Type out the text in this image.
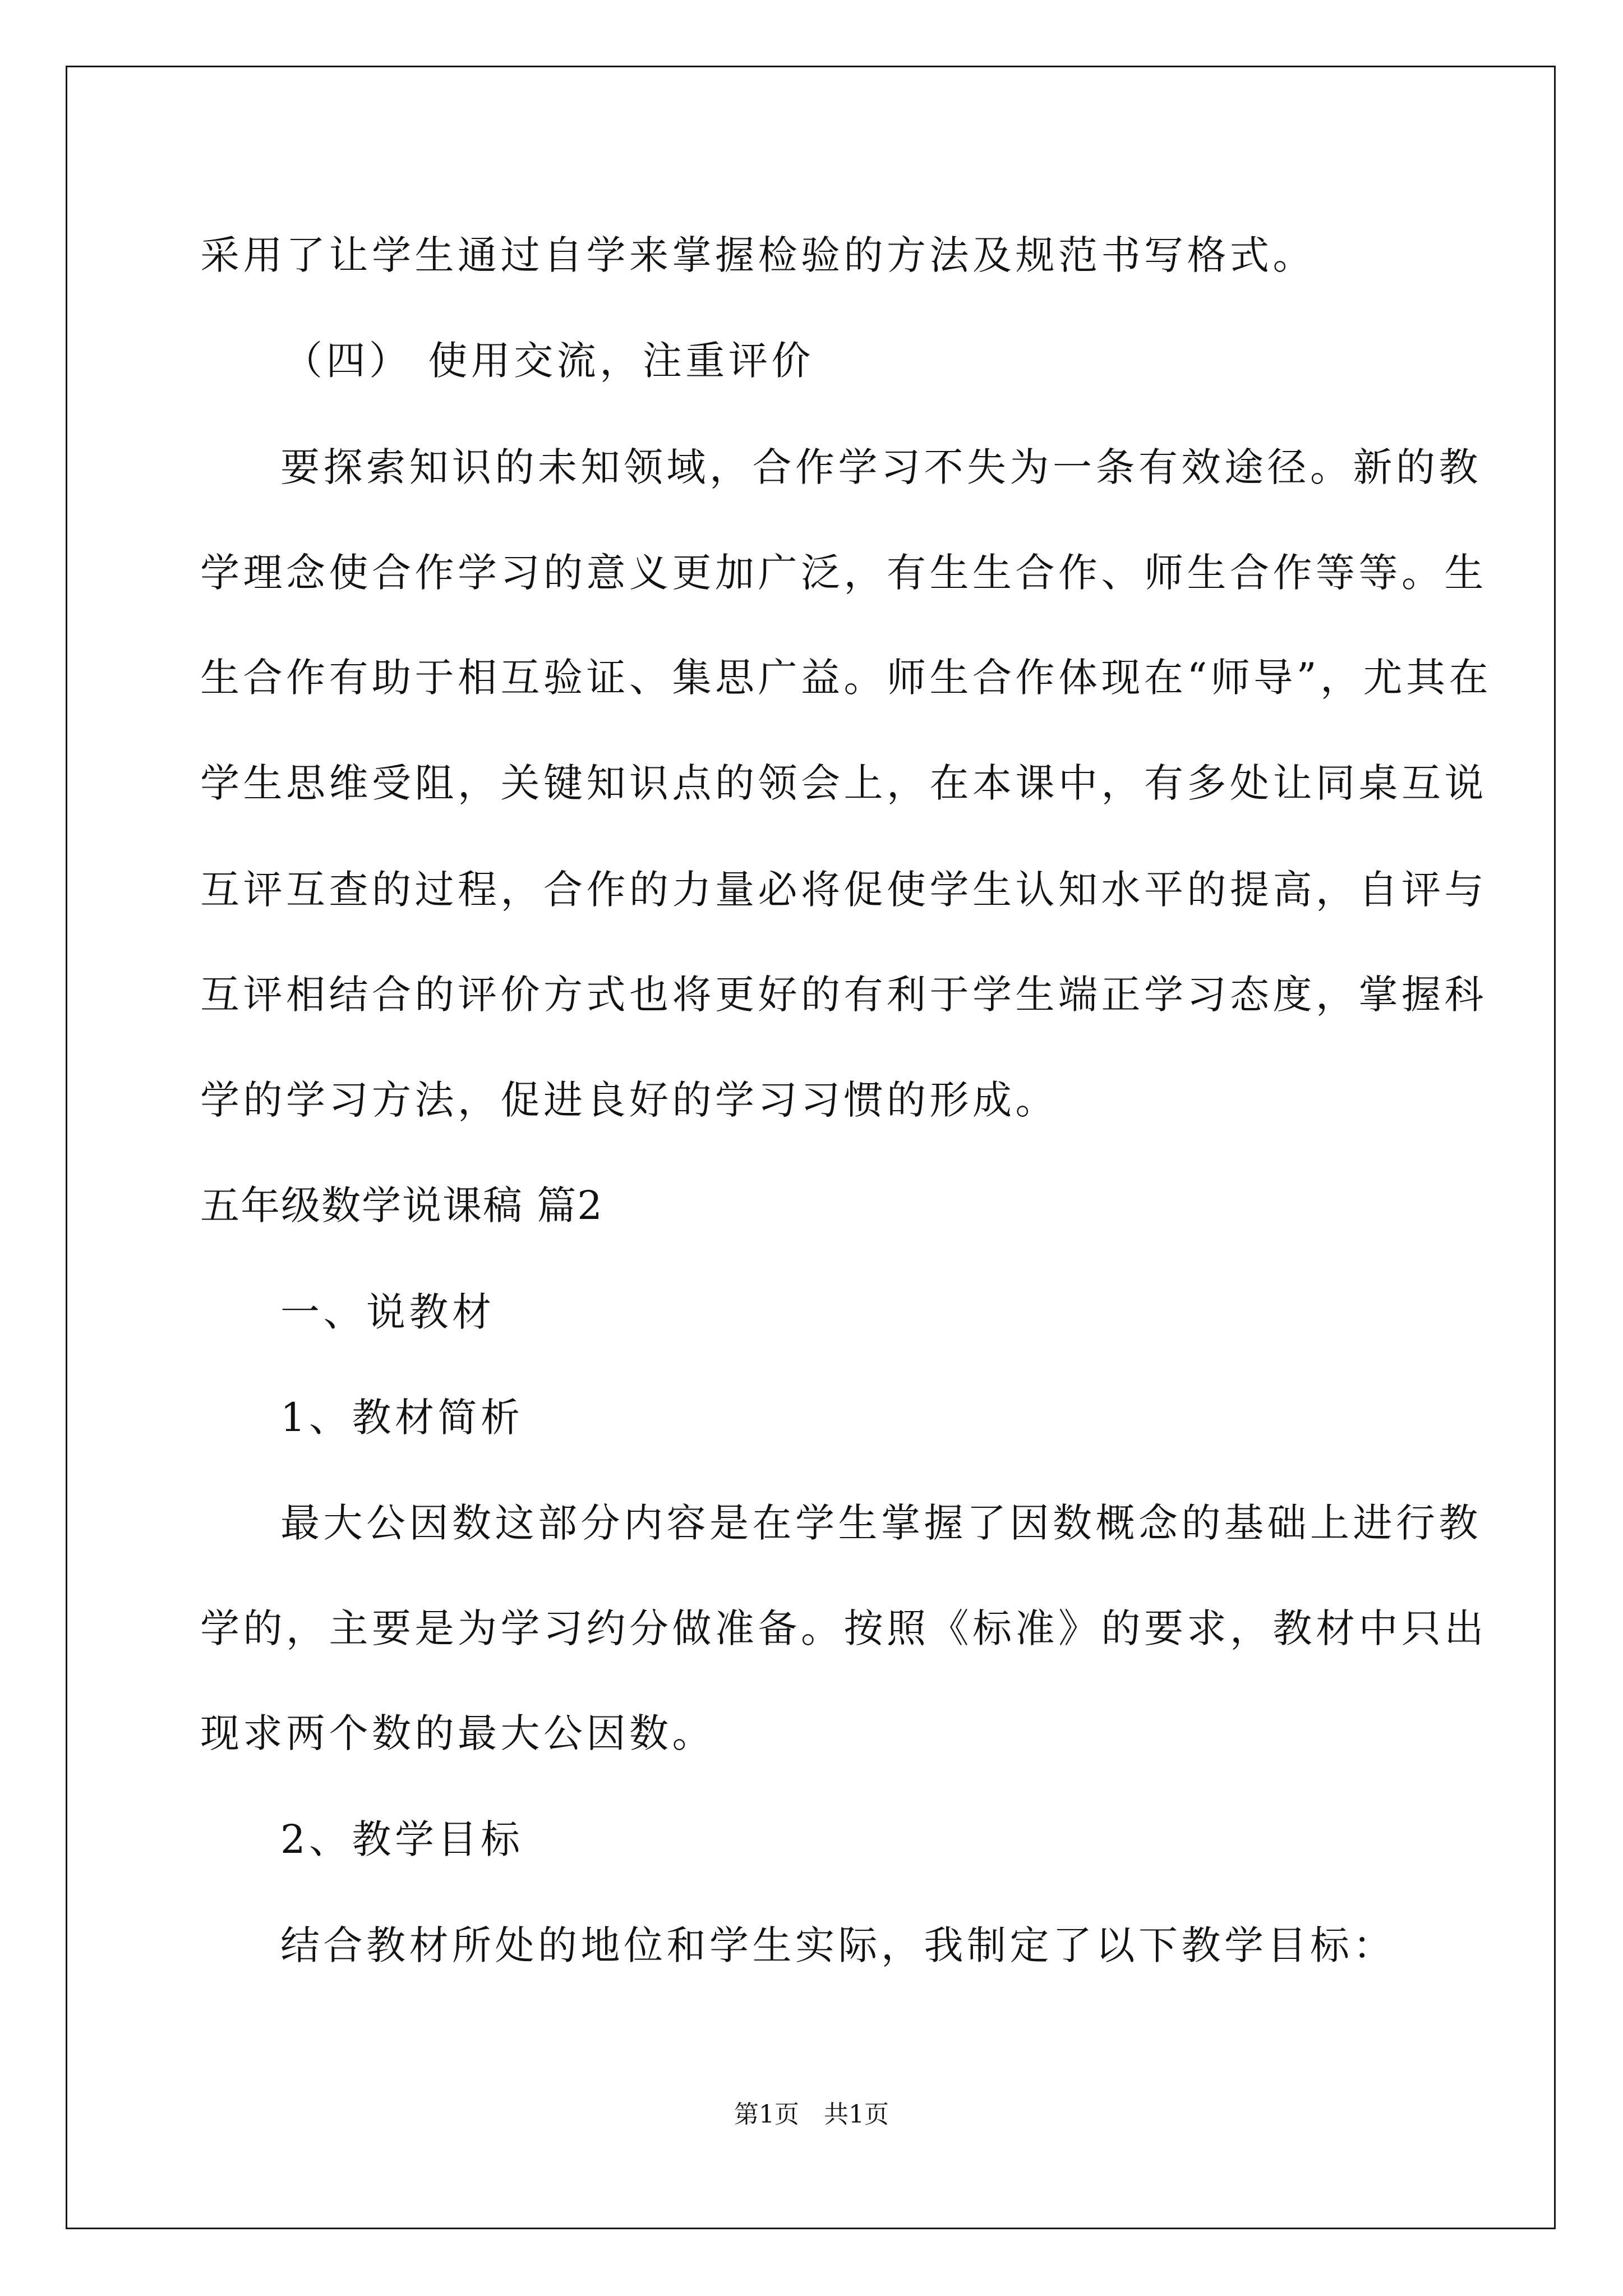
采用了让学生通过自学来掌握检验的方法及规范书写格式。
（四） 使用交流，注重评价
要探索知识的未知领域，合作学习不失为一条有效途径。新的教
学理念使合作学习的意义更加广泛，有生生合作、师生合作等等。生
生合作有助于相互验证、集思广益。师生合作体现在“师导”，尤其在
学生思维受阻，关键知识点的领会上，在本课中，有多处让同桌互说
互评互查的过程，合作的力量必将促使学生认知水平的提高，自评与
互评相结合的评价方式也将更好的有利于学生端正学习态度，掌握科
学的学习方法，促进良好的学习习惯的形成。
五年级数学说课稿 篇2
一、说教材
1、教材简析
最大公因数这部分内容是在学生掌握了因数概念的基础上进行教
学的，主要是为学习约分做准备。按照《标准》的要求，教材中只出
现求两个数的最大公因数。
2、教学目标
结合教材所处的地位和学生实际，我制定了以下教学目标：
第1页 共1页
